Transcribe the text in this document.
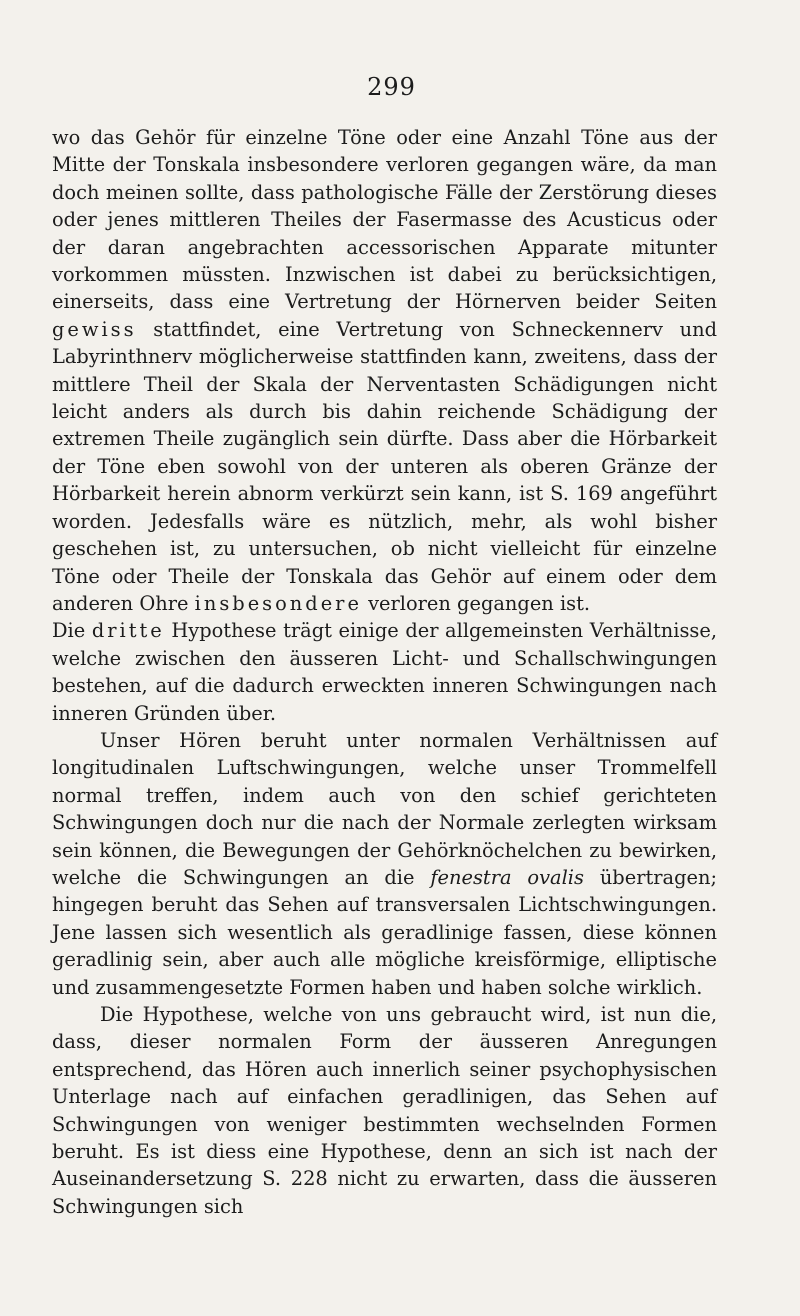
299

wo das Gehör für einzelne Töne oder eine Anzahl Töne aus der Mitte der Tonskala insbesondere verloren gegangen wäre, da man doch meinen sollte, dass pathologische Fälle der Zerstörung dieses oder jenes mittleren Theiles der Fasermasse des Acusticus oder der daran angebrachten accessorischen Apparate mitunter vorkommen müssten. Inzwischen ist dabei zu berücksichtigen, einerseits, dass eine Vertretung der Hörnerven beider Seiten gewiss stattfindet, eine Vertretung von Schneckennerv und Labyrinthnerv möglicherweise stattfinden kann, zweitens, dass der mittlere Theil der Skala der Nerventasten Schädigungen nicht leicht anders als durch bis dahin reichende Schädigung der extremen Theile zugänglich sein dürfte. Dass aber die Hörbarkeit der Töne eben sowohl von der unteren als oberen Gränze der Hörbarkeit herein abnorm verkürzt sein kann, ist S. 169 angeführt worden. Jedesfalls wäre es nützlich, mehr, als wohl bisher geschehen ist, zu untersuchen, ob nicht vielleicht für einzelne Töne oder Theile der Tonskala das Gehör auf einem oder dem anderen Ohre insbesondere verloren gegangen ist.

Die dritte Hypothese trägt einige der allgemeinsten Verhältnisse, welche zwischen den äusseren Licht- und Schallschwingungen bestehen, auf die dadurch erweckten inneren Schwingungen nach inneren Gründen über.

Unser Hören beruht unter normalen Verhältnissen auf longitudinalen Luftschwingungen, welche unser Trommelfell normal treffen, indem auch von den schief gerichteten Schwingungen doch nur die nach der Normale zerlegten wirksam sein können, die Bewegungen der Gehörknöchelchen zu bewirken, welche die Schwingungen an die fenestra ovalis übertragen; hingegen beruht das Sehen auf transversalen Lichtschwingungen. Jene lassen sich wesentlich als geradlinige fassen, diese können geradlinig sein, aber auch alle mögliche kreisförmige, elliptische und zusammengesetzte Formen haben und haben solche wirklich.

Die Hypothese, welche von uns gebraucht wird, ist nun die, dass, dieser normalen Form der äusseren Anregungen entsprechend, das Hören auch innerlich seiner psychophysischen Unterlage nach auf einfachen geradlinigen, das Sehen auf Schwingungen von weniger bestimmten wechselnden Formen beruht. Es ist diess eine Hypothese, denn an sich ist nach der Auseinandersetzung S. 228 nicht zu erwarten, dass die äusseren Schwingungen sich
